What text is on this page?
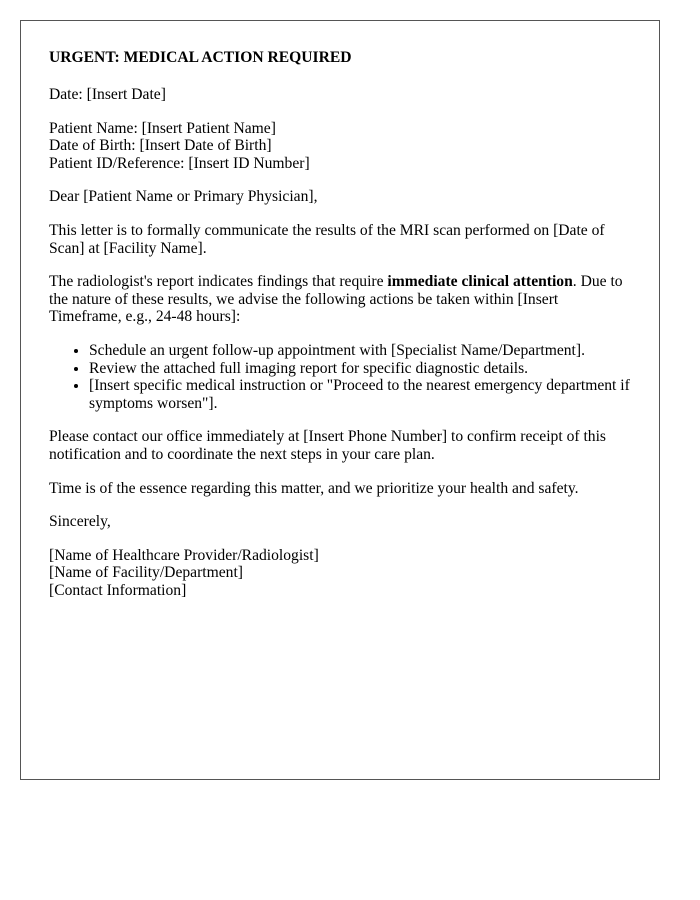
URGENT: MEDICAL ACTION REQUIRED

Date: [Insert Date]

Patient Name: [Insert Patient Name]
Date of Birth: [Insert Date of Birth]
Patient ID/Reference: [Insert ID Number]

Dear [Patient Name or Primary Physician],

This letter is to formally communicate the results of the MRI scan performed on [Date of Scan] at [Facility Name].

The radiologist's report indicates findings that require immediate clinical attention. Due to the nature of these results, we advise the following actions be taken within [Insert Timeframe, e.g., 24-48 hours]:

• Schedule an urgent follow-up appointment with [Specialist Name/Department].
• Review the attached full imaging report for specific diagnostic details.
• [Insert specific medical instruction or "Proceed to the nearest emergency department if symptoms worsen"].

Please contact our office immediately at [Insert Phone Number] to confirm receipt of this notification and to coordinate the next steps in your care plan.

Time is of the essence regarding this matter, and we prioritize your health and safety.

Sincerely,

[Name of Healthcare Provider/Radiologist]
[Name of Facility/Department]
[Contact Information]
